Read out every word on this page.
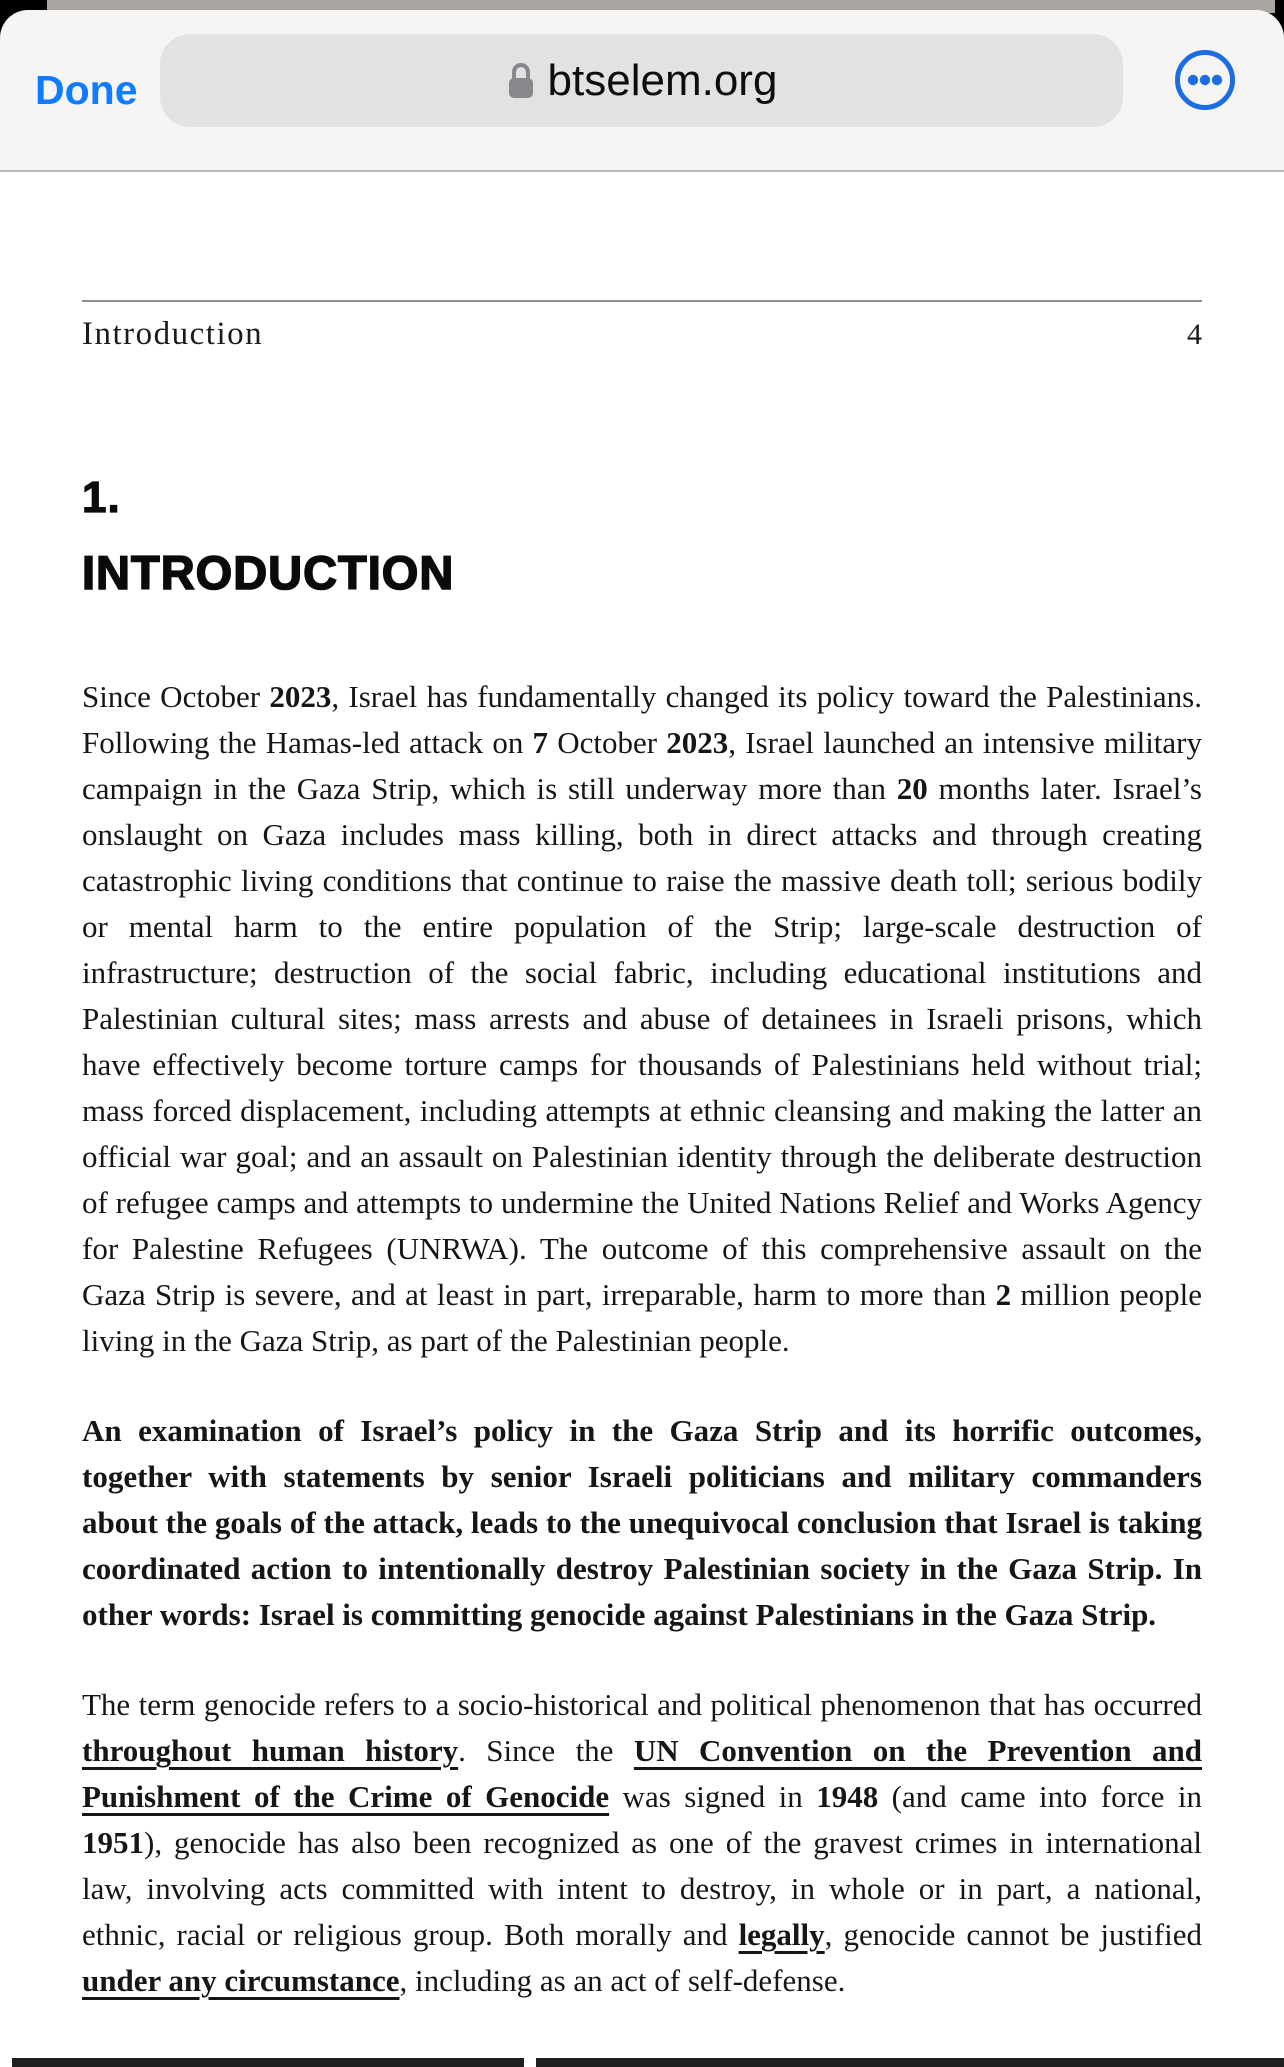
Done	btselem.org
Introduction	4
1.
INTRODUCTION

Since October 2023, Israel has fundamentally changed its policy toward the Palestinians. Following the Hamas-led attack on 7 October 2023, Israel launched an intensive military campaign in the Gaza Strip, which is still underway more than 20 months later. Israel’s onslaught on Gaza includes mass killing, both in direct attacks and through creating catastrophic living conditions that continue to raise the massive death toll; serious bodily or mental harm to the entire population of the Strip; large-scale destruction of infrastructure; destruction of the social fabric, including educational institutions and Palestinian cultural sites; mass arrests and abuse of detainees in Israeli prisons, which have effectively become torture camps for thousands of Palestinians held without trial; mass forced displacement, including attempts at ethnic cleansing and making the latter an official war goal; and an assault on Palestinian identity through the deliberate destruction of refugee camps and attempts to undermine the United Nations Relief and Works Agency for Palestine Refugees (UNRWA). The outcome of this comprehensive assault on the Gaza Strip is severe, and at least in part, irreparable, harm to more than 2 million people living in the Gaza Strip, as part of the Palestinian people.

An examination of Israel’s policy in the Gaza Strip and its horrific outcomes, together with statements by senior Israeli politicians and military commanders about the goals of the attack, leads to the unequivocal conclusion that Israel is taking coordinated action to intentionally destroy Palestinian society in the Gaza Strip. In other words: Israel is committing genocide against Palestinians in the Gaza Strip.

The term genocide refers to a socio-historical and political phenomenon that has occurred throughout human history. Since the UN Convention on the Prevention and Punishment of the Crime of Genocide was signed in 1948 (and came into force in 1951), genocide has also been recognized as one of the gravest crimes in international law, involving acts committed with intent to destroy, in whole or in part, a national, ethnic, racial or religious group. Both morally and legally, genocide cannot be justified under any circumstance, including as an act of self-defense.
